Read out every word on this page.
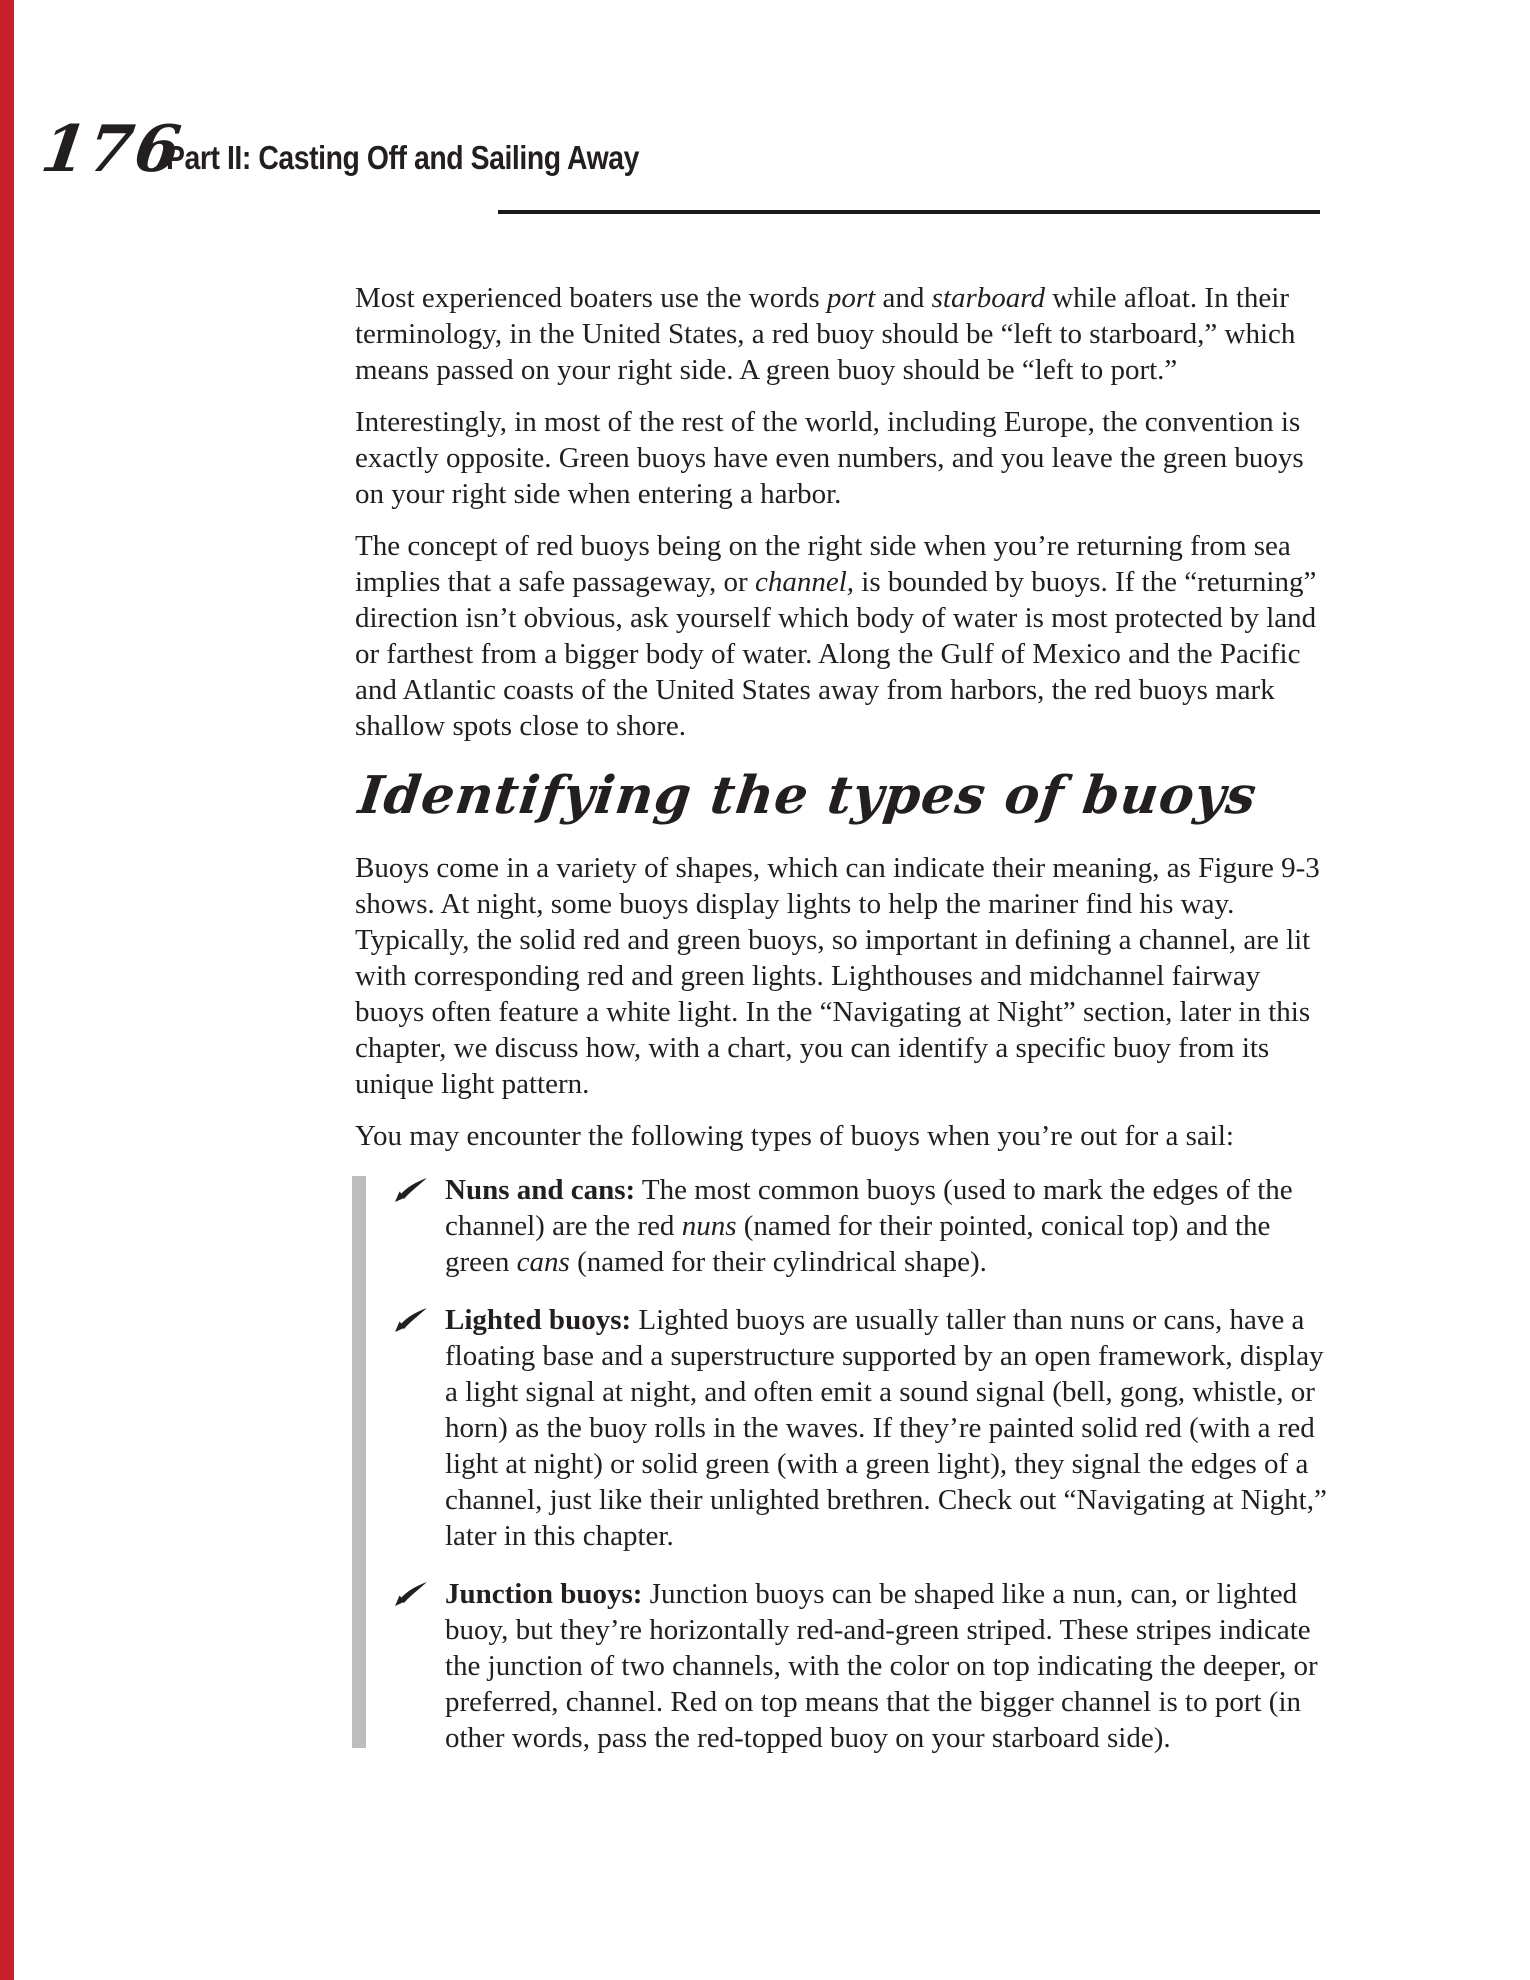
176
Part II: Casting Off and Sailing Away

Most experienced boaters use the words port and starboard while afloat. In their terminology, in the United States, a red buoy should be “left to starboard,” which means passed on your right side. A green buoy should be “left to port.”

Interestingly, in most of the rest of the world, including Europe, the convention is exactly opposite. Green buoys have even numbers, and you leave the green buoys on your right side when entering a harbor.

The concept of red buoys being on the right side when you’re returning from sea implies that a safe passageway, or channel, is bounded by buoys. If the “returning” direction isn’t obvious, ask yourself which body of water is most protected by land or farthest from a bigger body of water. Along the Gulf of Mexico and the Pacific and Atlantic coasts of the United States away from harbors, the red buoys mark shallow spots close to shore.

Identifying the types of buoys

Buoys come in a variety of shapes, which can indicate their meaning, as Figure 9-3 shows. At night, some buoys display lights to help the mariner find his way. Typically, the solid red and green buoys, so important in defining a channel, are lit with corresponding red and green lights. Lighthouses and midchannel fairway buoys often feature a white light. In the “Navigating at Night” section, later in this chapter, we discuss how, with a chart, you can identify a specific buoy from its unique light pattern.

You may encounter the following types of buoys when you’re out for a sail:

Nuns and cans: The most common buoys (used to mark the edges of the channel) are the red nuns (named for their pointed, conical top) and the green cans (named for their cylindrical shape).
Lighted buoys: Lighted buoys are usually taller than nuns or cans, have a floating base and a superstructure supported by an open framework, display a light signal at night, and often emit a sound signal (bell, gong, whistle, or horn) as the buoy rolls in the waves. If they’re painted solid red (with a red light at night) or solid green (with a green light), they signal the edges of a channel, just like their unlighted brethren. Check out “Navigating at Night,” later in this chapter.
Junction buoys: Junction buoys can be shaped like a nun, can, or lighted buoy, but they’re horizontally red-and-green striped. These stripes indicate the junction of two channels, with the color on top indicating the deeper, or preferred, channel. Red on top means that the bigger channel is to port (in other words, pass the red-topped buoy on your starboard side).
